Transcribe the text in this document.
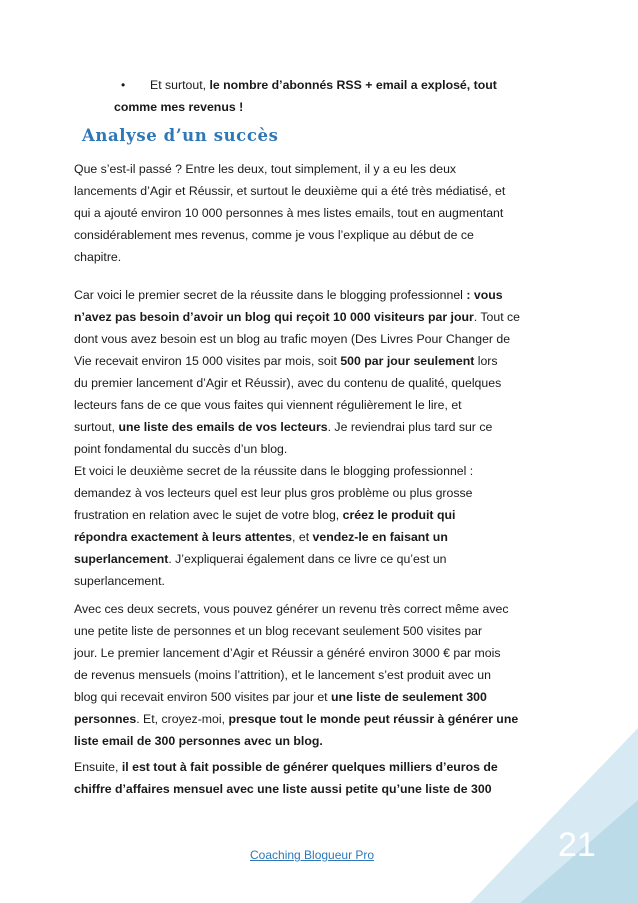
• Et surtout, le nombre d’abonnés RSS + email a explosé, tout
comme mes revenus !
Analyse d’un succès
Que s’est-il passé ? Entre les deux, tout simplement, il y a eu les deux
lancements d’Agir et Réussir, et surtout le deuxième qui a été très médiatisé, et
qui a ajouté environ 10 000 personnes à mes listes emails, tout en augmentant
considérablement mes revenus, comme je vous l’explique au début de ce
chapitre.
Car voici le premier secret de la réussite dans le blogging professionnel : vous
n’avez pas besoin d’avoir un blog qui reçoit 10 000 visiteurs par jour. Tout ce
dont vous avez besoin est un blog au trafic moyen (Des Livres Pour Changer de
Vie recevait environ 15 000 visites par mois, soit 500 par jour seulement lors
du premier lancement d’Agir et Réussir), avec du contenu de qualité, quelques
lecteurs fans de ce que vous faites qui viennent régulièrement le lire, et
surtout, une liste des emails de vos lecteurs. Je reviendrai plus tard sur ce
point fondamental du succès d’un blog.
Et voici le deuxième secret de la réussite dans le blogging professionnel :
demandez à vos lecteurs quel est leur plus gros problème ou plus grosse
frustration en relation avec le sujet de votre blog, créez le produit qui
répondra exactement à leurs attentes, et vendez-le en faisant un
superlancement. J’expliquerai également dans ce livre ce qu’est un
superlancement.
Avec ces deux secrets, vous pouvez générer un revenu très correct même avec
une petite liste de personnes et un blog recevant seulement 500 visites par
jour. Le premier lancement d’Agir et Réussir a généré environ 3000 € par mois
de revenus mensuels (moins l’attrition), et le lancement s’est produit avec un
blog qui recevait environ 500 visites par jour et une liste de seulement 300
personnes. Et, croyez-moi, presque tout le monde peut réussir à générer une
liste email de 300 personnes avec un blog.
Ensuite, il est tout à fait possible de générer quelques milliers d’euros de
chiffre d’affaires mensuel avec une liste aussi petite qu’une liste de 300
Coaching Blogueur Pro	21
